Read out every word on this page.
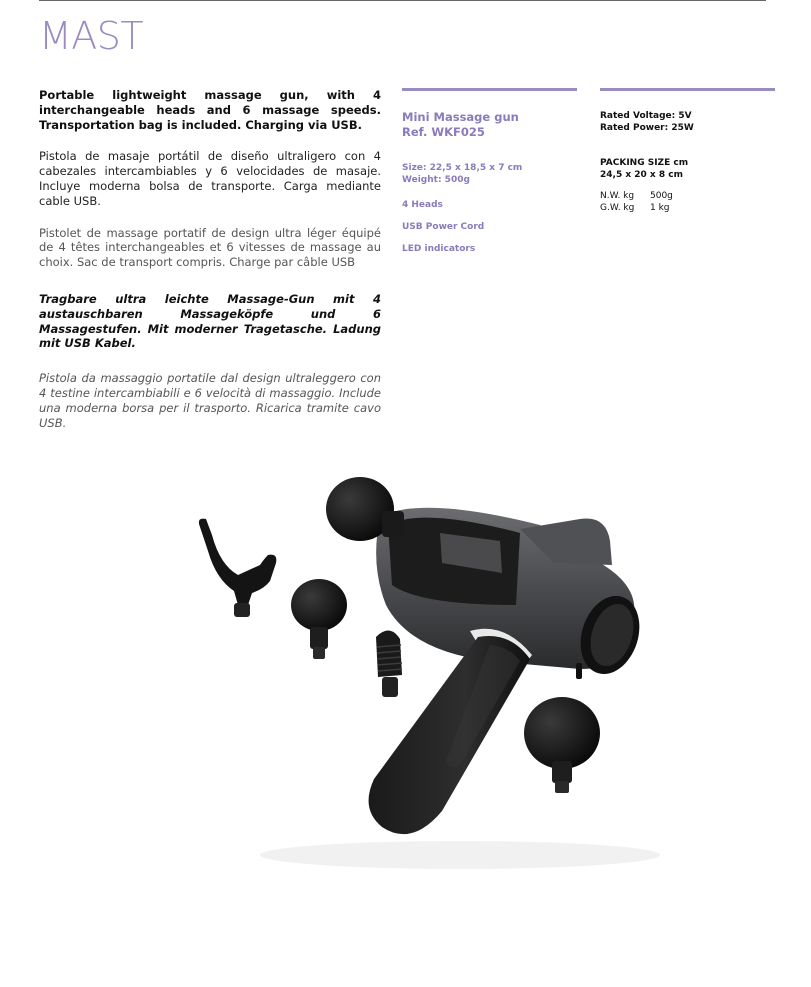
MAST

Portable lightweight massage gun, with 4 interchangeable heads and 6 massage speeds. Transportation bag is included. Charging via USB.

Pistola de masaje portátil de diseño ultraligero con 4 cabezales intercambiables y 6 velocidades de masaje. Incluye moderna bolsa de transporte. Carga mediante cable USB.

Pistolet de massage portatif de design ultra léger équipé de 4 têtes interchangeables et 6 vitesses de massage au choix. Sac de transport compris. Charge par câble USB

Tragbare ultra leichte Massage-Gun mit 4 austauschbaren Massageköpfe und 6 Massagestufen. Mit moderner Tragetasche. Ladung mit USB Kabel.

Pistola da massaggio portatile dal design ultraleggero con 4 testine intercambiabili e 6 velocità di massaggio. Include una moderna borsa per il trasporto. Ricarica tramite cavo USB.

Mini Massage gun
Ref. WKF025
Size: 22,5 x 18,5 x 7 cm
Weight: 500g
4 Heads
USB Power Cord
LED indicators
Rated Voltage: 5V
Rated Power: 25W
PACKING SIZE cm
24,5 x 20 x 8 cm
N.W. kg	500g
G.W. kg	1 kg
